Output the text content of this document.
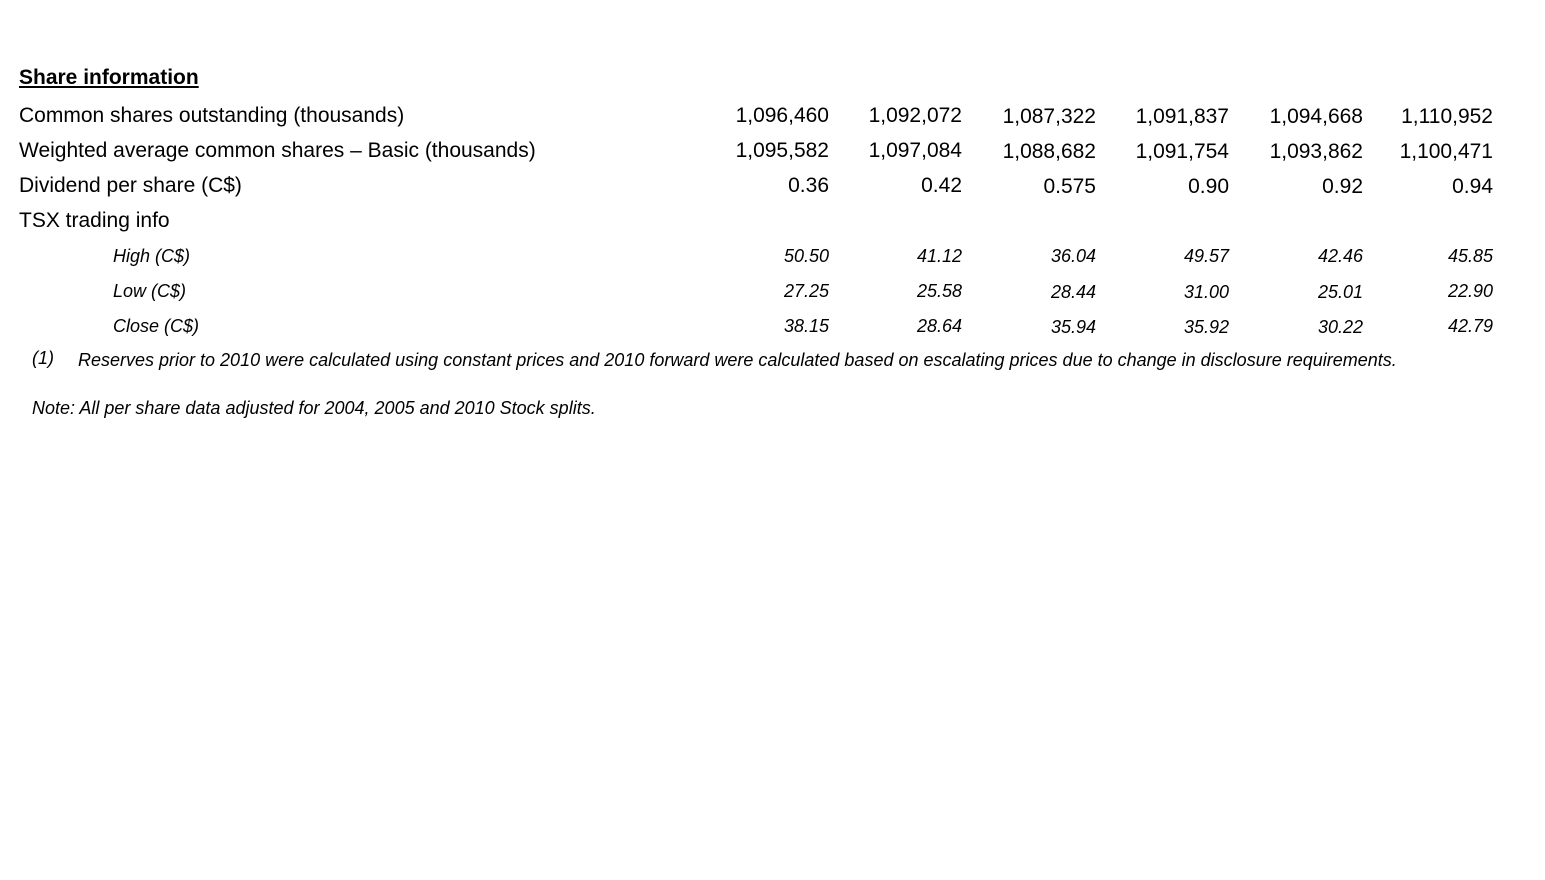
Share information
Common shares outstanding (thousands)	1,096,460	1,092,072	1,087,322	1,091,837	1,094,668	1,110,952
Weighted average common shares – Basic (thousands)	1,095,582	1,097,084	1,088,682	1,091,754	1,093,862	1,100,471
Dividend per share (C$)	0.36	0.42	0.575	0.90	0.92	0.94
TSX trading info
High (C$)	50.50	41.12	36.04	49.57	42.46	45.85
Low (C$)	27.25	25.58	28.44	31.00	25.01	22.90
Close (C$)	38.15	28.64	35.94	35.92	30.22	42.79
(1) Reserves prior to 2010 were calculated using constant prices and 2010 forward were calculated based on escalating prices due to change in disclosure requirements.
Note: All per share data adjusted for 2004, 2005 and 2010 Stock splits.
